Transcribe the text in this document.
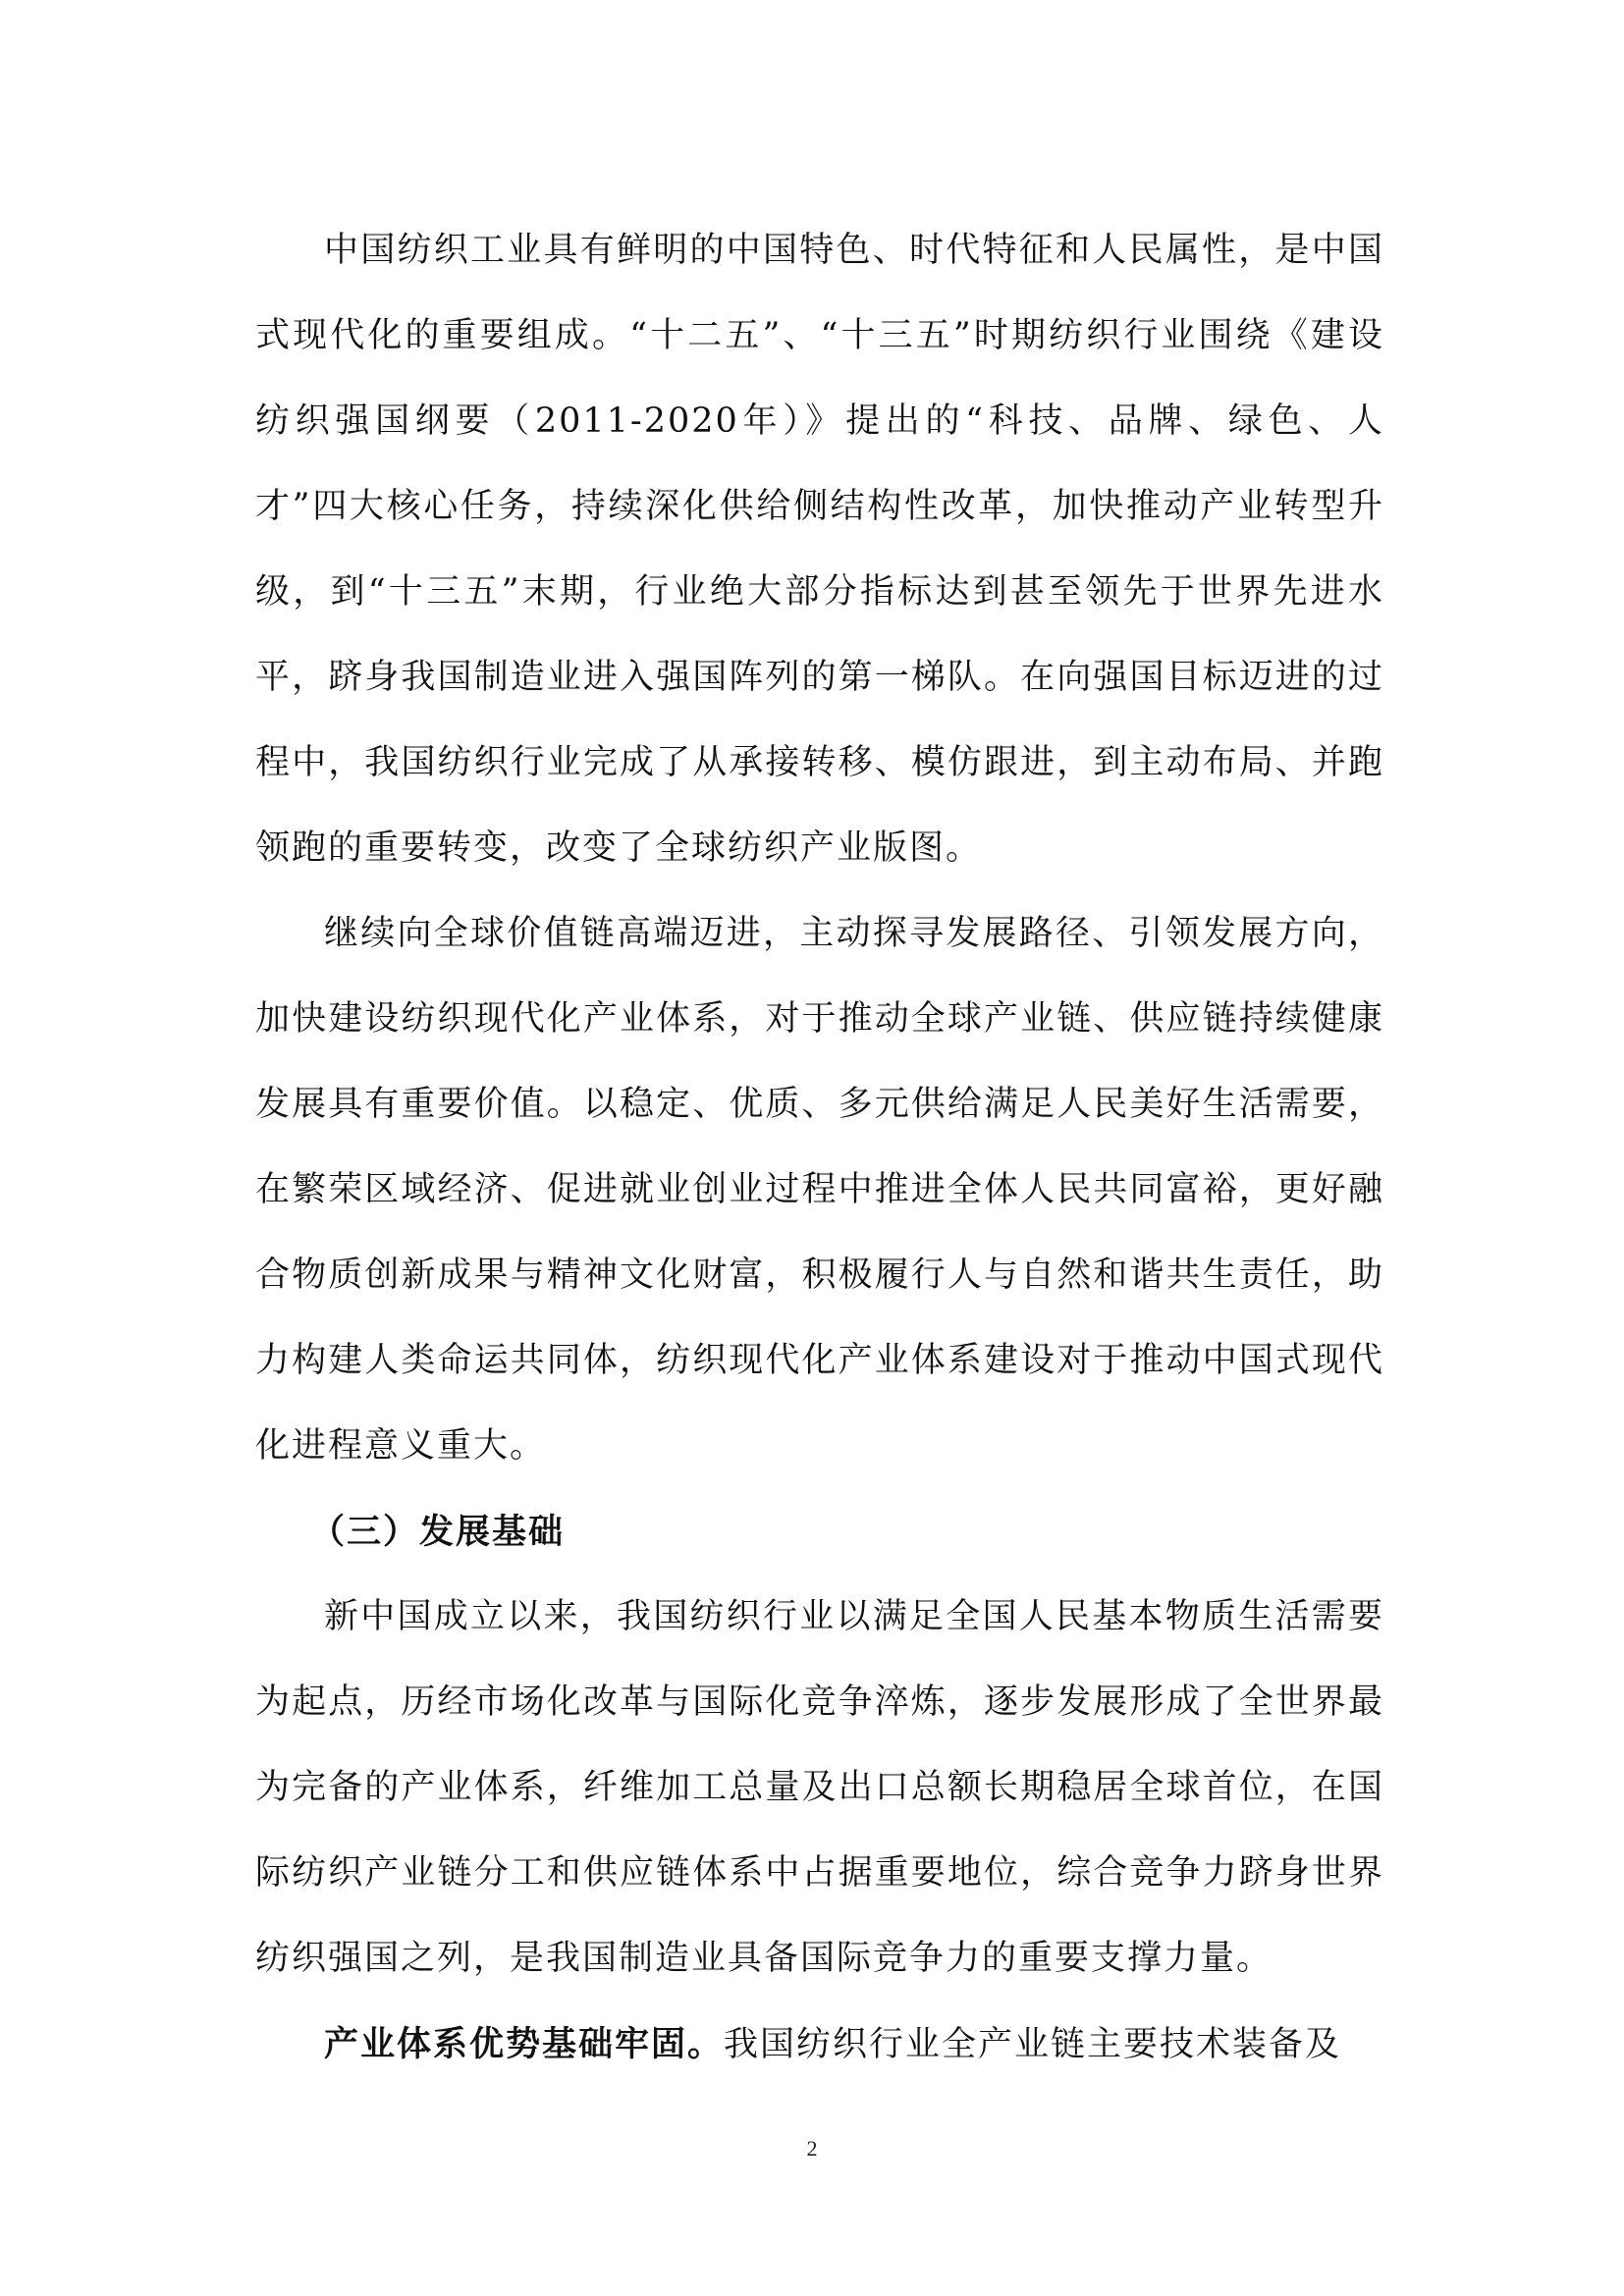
中国纺织工业具有鲜明的中国特色、时代特征和人民属性，是中国式现代化的重要组成。“十二五”、“十三五”时期纺织行业围绕《建设纺织强国纲要（2011-2020年）》提出的“科技、品牌、绿色、人才”四大核心任务，持续深化供给侧结构性改革，加快推动产业转型升级，到“十三五”末期，行业绝大部分指标达到甚至领先于世界先进水平，跻身我国制造业进入强国阵列的第一梯队。在向强国目标迈进的过程中，我国纺织行业完成了从承接转移、模仿跟进，到主动布局、并跑领跑的重要转变，改变了全球纺织产业版图。

继续向全球价值链高端迈进，主动探寻发展路径、引领发展方向，加快建设纺织现代化产业体系，对于推动全球产业链、供应链持续健康发展具有重要价值。以稳定、优质、多元供给满足人民美好生活需要，在繁荣区域经济、促进就业创业过程中推进全体人民共同富裕，更好融合物质创新成果与精神文化财富，积极履行人与自然和谐共生责任，助力构建人类命运共同体，纺织现代化产业体系建设对于推动中国式现代化进程意义重大。

（三）发展基础

新中国成立以来，我国纺织行业以满足全国人民基本物质生活需要为起点，历经市场化改革与国际化竞争淬炼，逐步发展形成了全世界最为完备的产业体系，纤维加工总量及出口总额长期稳居全球首位，在国际纺织产业链分工和供应链体系中占据重要地位，综合竞争力跻身世界纺织强国之列，是我国制造业具备国际竞争力的重要支撑力量。

产业体系优势基础牢固。我国纺织行业全产业链主要技术装备及

2
